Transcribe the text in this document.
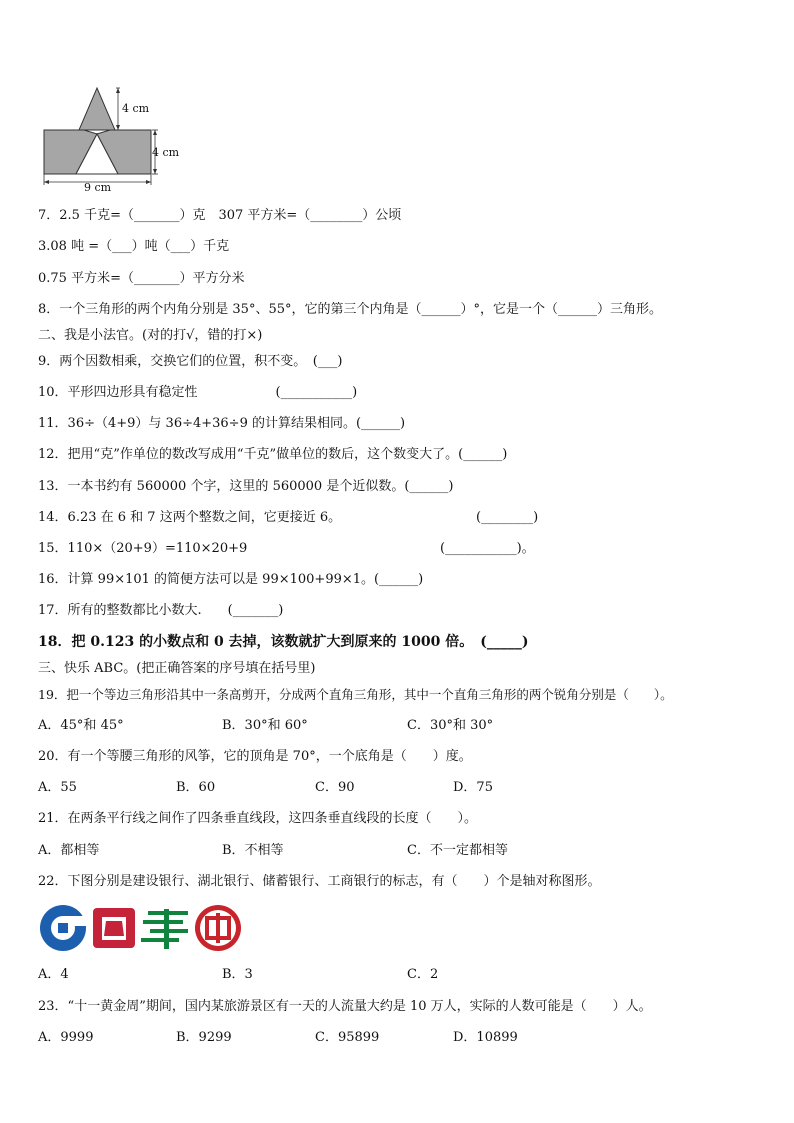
4 cm
4 cm
9 cm
7．2.5 千克=（_______）克　307 平方米=（________）公顷
3.08 吨 =（___）吨（___）千克
0.75 平方米=（_______）平方分米
8．一个三角形的两个内角分别是 35°、55°，它的第三个内角是（______）°，它是一个（______）三角形。
二、我是小法官。(对的打√，错的打×)
9．两个因数相乘，交换它们的位置，积不变。　(___)
10．平形四边形具有稳定性　　　　　　(___________)
11．36÷（4+9）与 36÷4+36÷9 的计算结果相同。(______)
12．把用“克”作单位的数改写成用“千克”做单位的数后，这个数变大了。(______)
13．一本书约有 560000 个字，这里的 560000 是个近似数。(______)
14．6.23 在 6 和 7 这两个整数之间，它更接近 6。	(________)
15．110×（20+9）=110×20+9	(___________)。
16．计算 99×101 的简便方法可以是 99×100+99×1。(______)
17．所有的整数都比小数大.　　(_______)
18．把 0.123 的小数点和 0 去掉，该数就扩大到原来的 1000 倍。　(_____)
三、快乐 ABC。(把正确答案的序号填在括号里)
19．把一个等边三角形沿其中一条高剪开，分成两个直角三角形，其中一个直角三角形的两个锐角分别是（　　）。
A．45°和 45°	B．30°和 60°	C．30°和 30°
20．有一个等腰三角形的风筝，它的顶角是 70°，一个底角是（　　）度。
A．55	B．60	C．90	D．75
21．在两条平行线之间作了四条垂直线段，这四条垂直线段的长度（　　）。
A．都相等	B．不相等	C．不一定都相等
22．下图分别是建设银行、湖北银行、储蓄银行、工商银行的标志，有（　　）个是轴对称图形。
A．4	B．3	C．2
23．“十一黄金周”期间，国内某旅游景区有一天的人流量大约是 10 万人，实际的人数可能是（　　）人。
A．9999	B．9299	C．95899	D．10899
